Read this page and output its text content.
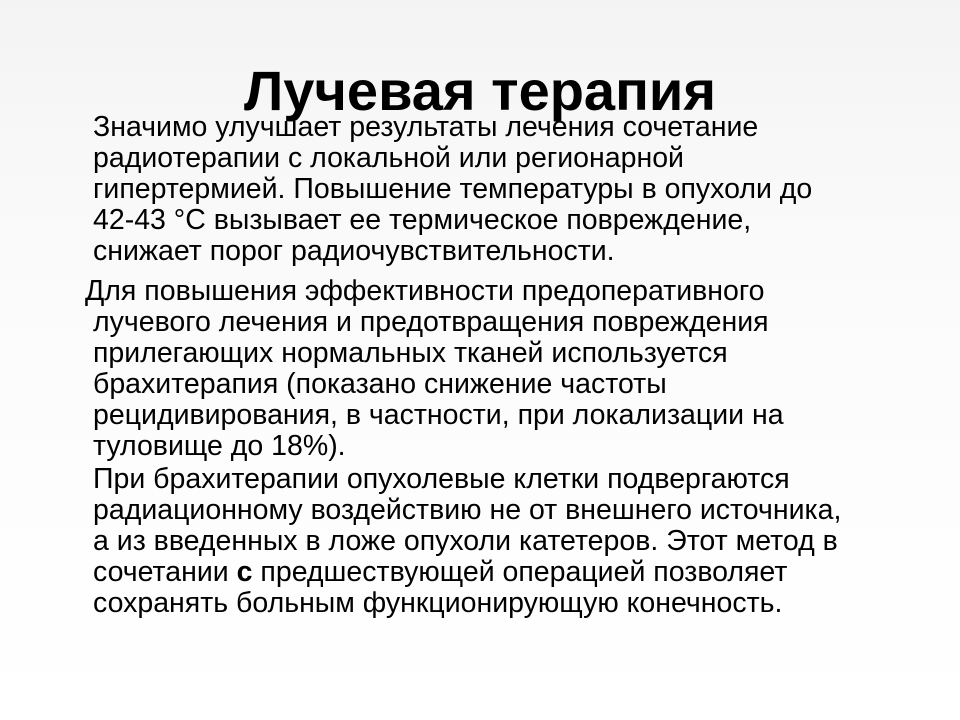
Лучевая терапия

Значимо улучшает результаты лечения сочетание
радиотерапии с локальной или регионарной
гипертермией. Повышение температуры в опухоли до
42-43 °С вызывает ее термическое повреждение,
снижает порог радиочувствительности.

Для повышения эффективности предоперативного
лучевого лечения и предотвращения повреждения
прилегающих нормальных тканей используется
брахитерапия (показано снижение частоты
рецидивирования, в частности, при локализации на
туловище до 18%).

При брахитерапии опухолевые клетки подвергаются
радиационному воздействию не от внешнего источника,
а из введенных в ложе опухоли катетеров. Этот метод в
сочетании с предшествующей операцией позволяет
сохранять больным функционирующую конечность.
